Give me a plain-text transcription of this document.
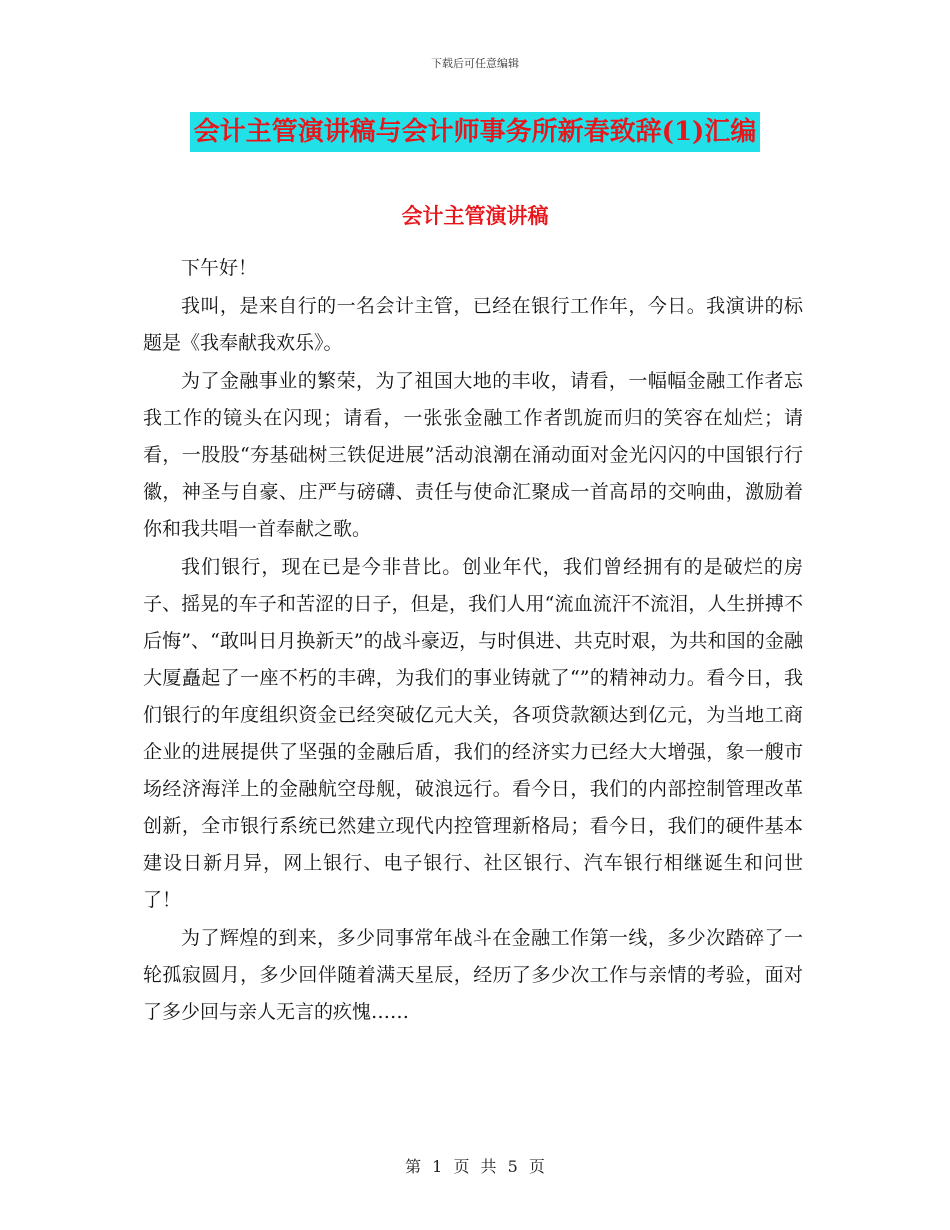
下载后可任意编辑
会计主管演讲稿与会计师事务所新春致辞(1)汇编
会计主管演讲稿

下午好！

我叫，是来自行的一名会计主管，已经在银行工作年，今日。我演讲的标题是《我奉献我欢乐》。

为了金融事业的繁荣，为了祖国大地的丰收，请看，一幅幅金融工作者忘我工作的镜头在闪现；请看，一张张金融工作者凯旋而归的笑容在灿烂；请看，一股股“夯基础树三铁促进展”活动浪潮在涌动面对金光闪闪的中国银行行徽，神圣与自豪、庄严与磅礴、责任与使命汇聚成一首高昂的交响曲，激励着你和我共唱一首奉献之歌。

我们银行，现在已是今非昔比。创业年代，我们曾经拥有的是破烂的房子、摇晃的车子和苦涩的日子，但是，我们人用“流血流汗不流泪，人生拼搏不后悔”、“敢叫日月换新天”的战斗豪迈，与时俱进、共克时艰，为共和国的金融大厦矗起了一座不朽的丰碑，为我们的事业铸就了“”的精神动力。看今日，我们银行的年度组织资金已经突破亿元大关，各项贷款额达到亿元，为当地工商企业的进展提供了坚强的金融后盾，我们的经济实力已经大大增强，象一艘市场经济海洋上的金融航空母舰，破浪远行。看今日，我们的内部控制管理改革创新，全市银行系统已然建立现代内控管理新格局；看今日，我们的硬件基本建设日新月异，网上银行、电子银行、社区银行、汽车银行相继诞生和问世了！

为了辉煌的到来，多少同事常年战斗在金融工作第一线，多少次踏碎了一轮孤寂圆月，多少回伴随着满天星辰，经历了多少次工作与亲情的考验，面对了多少回与亲人无言的疚愧……

第 1 页 共 5 页
